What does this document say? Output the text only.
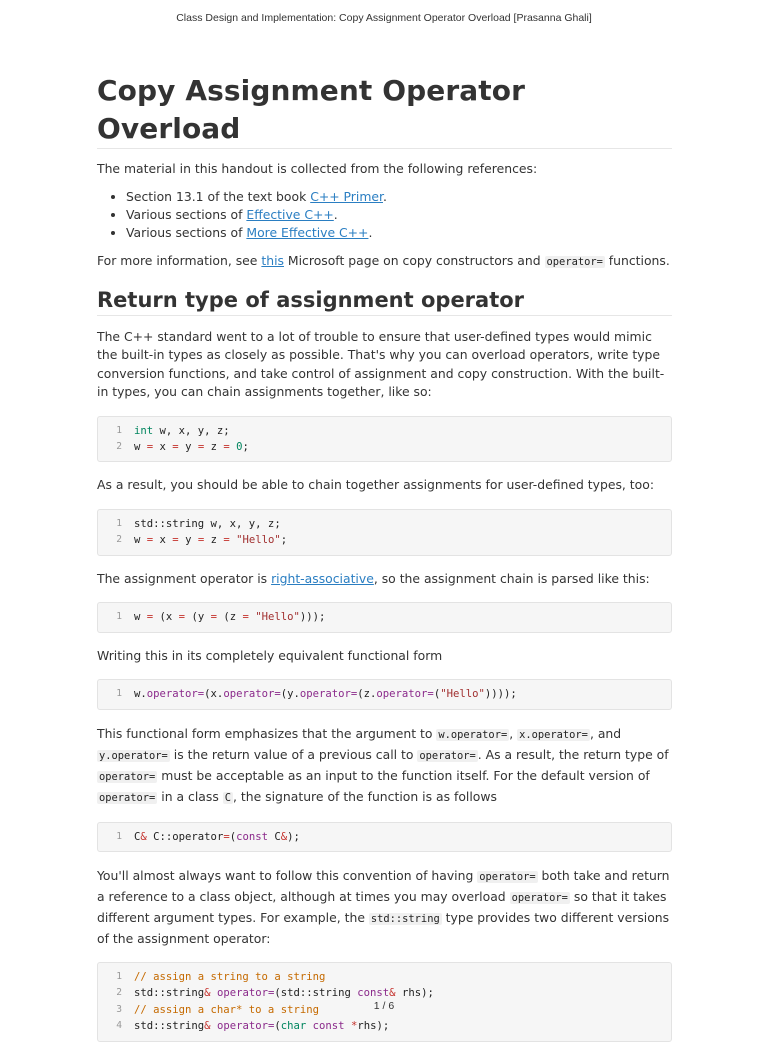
Class Design and Implementation: Copy Assignment Operator Overload [Prasanna Ghali]
Copy Assignment Operator Overload

The material in this handout is collected from the following references:

• Section 13.1 of the text book C++ Primer.
• Various sections of Effective C++.
• Various sections of More Effective C++.

For more information, see this Microsoft page on copy constructors and operator= functions.

Return type of assignment operator

The C++ standard went to a lot of trouble to ensure that user-defined types would mimic the built-in types as closely as possible. That's why you can overload operators, write type conversion functions, and take control of assignment and copy construction. With the built-in types, you can chain assignments together, like so:

1	int w, x, y, z;
2	w = x = y = z = 0;

As a result, you should be able to chain together assignments for user-defined types, too:

1	std::string w, x, y, z;
2	w = x = y = z = "Hello";

The assignment operator is right-associative, so the assignment chain is parsed like this:

1	w = (x = (y = (z = "Hello")));

Writing this in its completely equivalent functional form

1	w.operator=(x.operator=(y.operator=(z.operator=("Hello"))));

This functional form emphasizes that the argument to w.operator= , x.operator= , and y.operator= is the return value of a previous call to operator= . As a result, the return type of operator= must be acceptable as an input to the function itself. For the default version of operator= in a class C , the signature of the function is as follows

1	C& C::operator=(const C&);

You'll almost always want to follow this convention of having operator= both take and return a reference to a class object, although at times you may overload operator= so that it takes different argument types. For example, the std::string type provides two different versions of the assignment operator:

1	// assign a string to a string
2	std::string& operator=(std::string const& rhs);
3	// assign a char* to a string
4	std::string& operator=(char const *rhs);
1 / 6
